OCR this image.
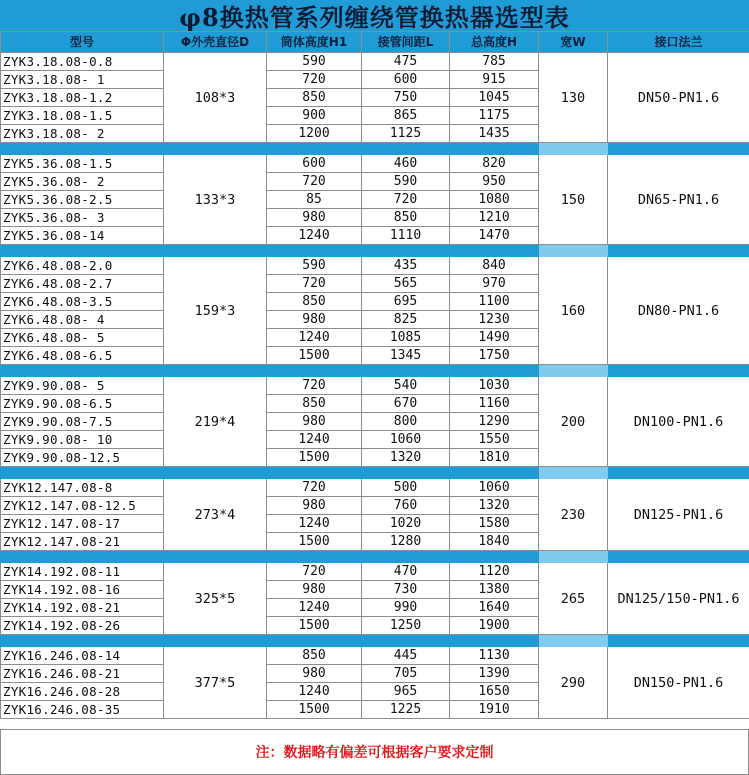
φ8换热管系列缠绕管换热器选型表
型号	Φ外壳直径D	筒体高度H1	接管间距L	总高度H	宽W	接口法兰
ZYK3.18.08-0.8	108*3	590	475	785	130	DN50-PN1.6
ZYK3.18.08- 1		720	600	915		
ZYK3.18.08-1.2		850	750	1045		
ZYK3.18.08-1.5		900	865	1175		
ZYK3.18.08- 2		1200	1125	1435		

ZYK5.36.08-1.5	133*3	600	460	820	150	DN65-PN1.6
ZYK5.36.08- 2		720	590	950		
ZYK5.36.08-2.5		85	720	1080		
ZYK5.36.08- 3		980	850	1210		
ZYK5.36.08-14		1240	1110	1470		

ZYK6.48.08-2.0	159*3	590	435	840	160	DN80-PN1.6
ZYK6.48.08-2.7		720	565	970		
ZYK6.48.08-3.5		850	695	1100		
ZYK6.48.08- 4		980	825	1230		
ZYK6.48.08- 5		1240	1085	1490		
ZYK6.48.08-6.5		1500	1345	1750		

ZYK9.90.08- 5	219*4	720	540	1030	200	DN100-PN1.6
ZYK9.90.08-6.5		850	670	1160		
ZYK9.90.08-7.5		980	800	1290		
ZYK9.90.08- 10		1240	1060	1550		
ZYK9.90.08-12.5		1500	1320	1810		

ZYK12.147.08-8	273*4	720	500	1060	230	DN125-PN1.6
ZYK12.147.08-12.5		980	760	1320		
ZYK12.147.08-17		1240	1020	1580		
ZYK12.147.08-21		1500	1280	1840		

ZYK14.192.08-11	325*5	720	470	1120	265	DN125/150-PN1.6
ZYK14.192.08-16		980	730	1380		
ZYK14.192.08-21		1240	990	1640		
ZYK14.192.08-26		1500	1250	1900		

ZYK16.246.08-14	377*5	850	445	1130	290	DN150-PN1.6
ZYK16.246.08-21		980	705	1390		
ZYK16.246.08-28		1240	965	1650		
ZYK16.246.08-35		1500	1225	1910		
注：数据略有偏差可根据客户要求定制
